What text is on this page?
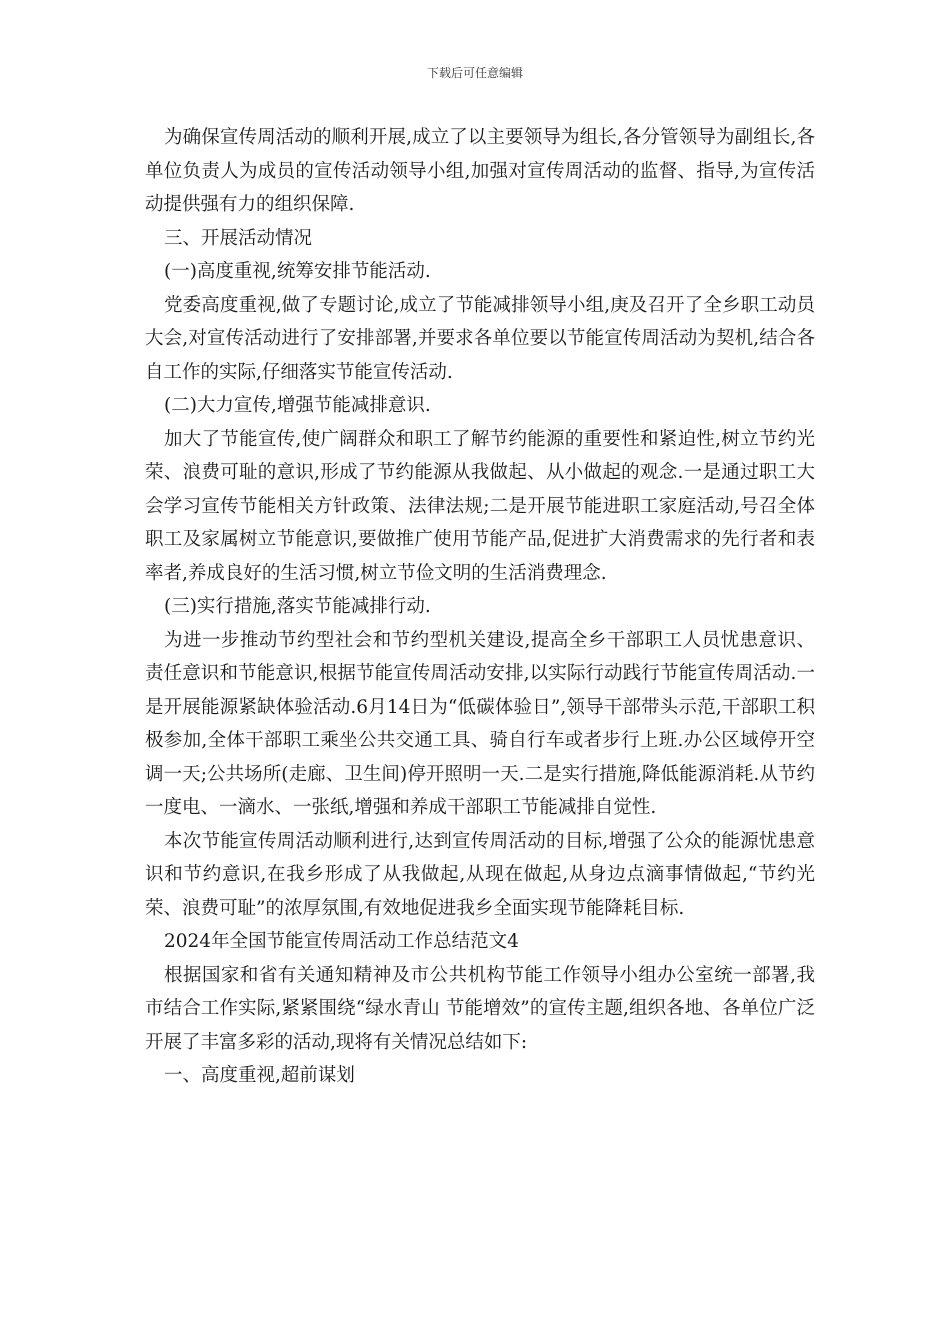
下载后可任意编辑

为确保宣传周活动的顺利开展,成立了以主要领导为组长,各分管领导为副组长,各单位负责人为成员的宣传活动领导小组,加强对宣传周活动的监督、指导,为宣传活动提供强有力的组织保障.

三、开展活动情况

(一)高度重视,统筹安排节能活动.

党委高度重视,做了专题讨论,成立了节能减排领导小组,庚及召开了全乡职工动员大会,对宣传活动进行了安排部署,并要求各单位要以节能宣传周活动为契机,结合各自工作的实际,仔细落实节能宣传活动.

(二)大力宣传,增强节能减排意识.

加大了节能宣传,使广阔群众和职工了解节约能源的重要性和紧迫性,树立节约光荣、浪费可耻的意识,形成了节约能源从我做起、从小做起的观念.一是通过职工大会学习宣传节能相关方针政策、法律法规;二是开展节能进职工家庭活动,号召全体职工及家属树立节能意识,要做推广使用节能产品,促进扩大消费需求的先行者和表率者,养成良好的生活习惯,树立节俭文明的生活消费理念.

(三)实行措施,落实节能减排行动.

为进一步推动节约型社会和节约型机关建设,提高全乡干部职工人员忧患意识、责任意识和节能意识,根据节能宣传周活动安排,以实际行动践行节能宣传周活动.一是开展能源紧缺体验活动.6月14日为“低碳体验日”,领导干部带头示范,干部职工积极参加,全体干部职工乘坐公共交通工具、骑自行车或者步行上班.办公区域停开空调一天;公共场所(走廊、卫生间)停开照明一天.二是实行措施,降低能源消耗.从节约一度电、一滴水、一张纸,增强和养成干部职工节能减排自觉性.

本次节能宣传周活动顺利进行,达到宣传周活动的目标,增强了公众的能源忧患意识和节约意识,在我乡形成了从我做起,从现在做起,从身边点滴事情做起,“节约光荣、浪费可耻”的浓厚氛围,有效地促进我乡全面实现节能降耗目标.

2024年全国节能宣传周活动工作总结范文4

根据国家和省有关通知精神及市公共机构节能工作领导小组办公室统一部署,我市结合工作实际,紧紧围绕“绿水青山 节能增效”的宣传主题,组织各地、各单位广泛开展了丰富多彩的活动,现将有关情况总结如下:

一、高度重视,超前谋划
